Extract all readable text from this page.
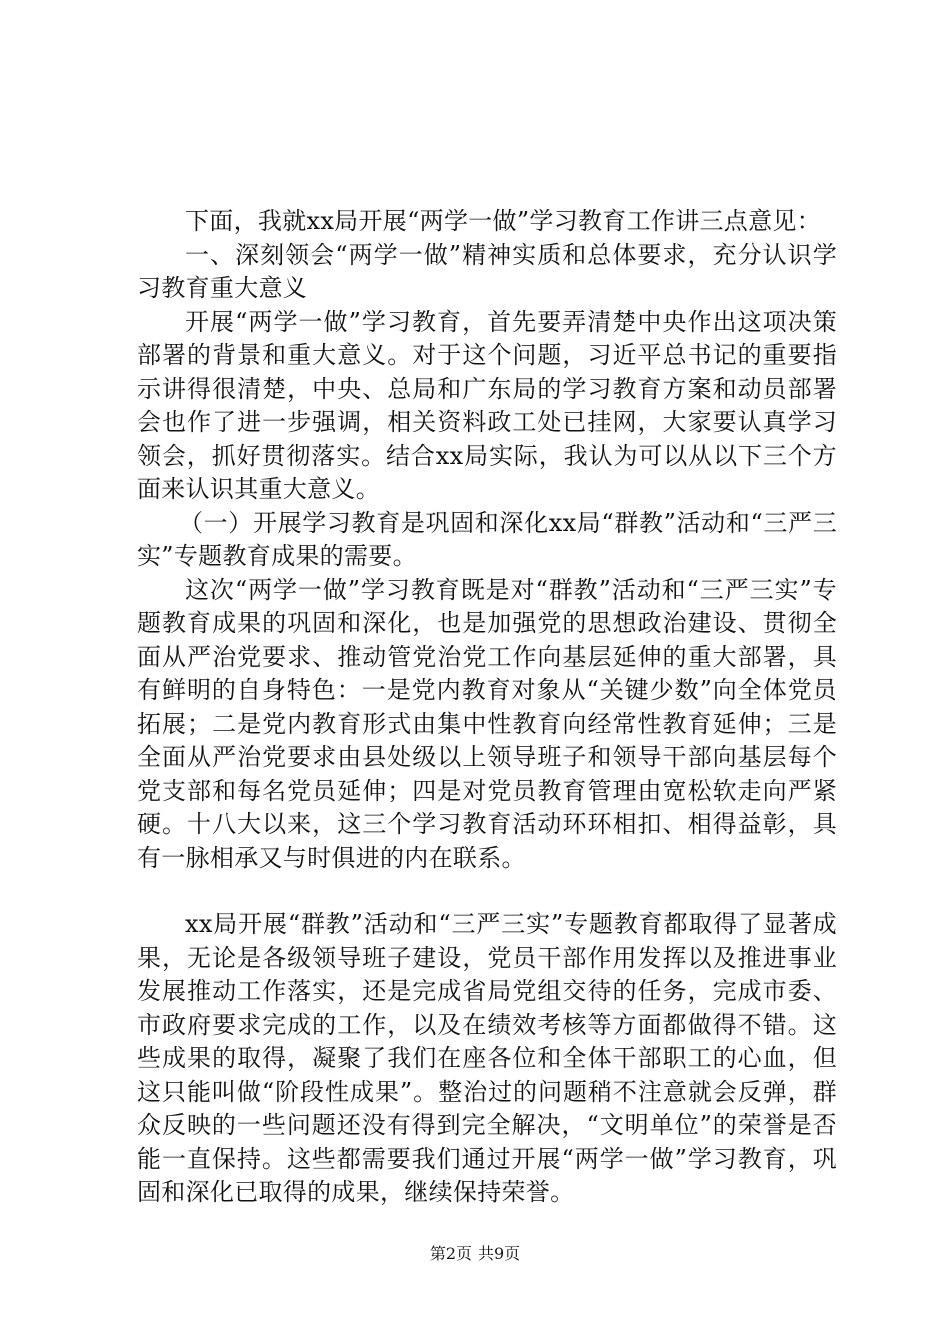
下面，我就xx局开展“两学一做”学习教育工作讲三点意见：

一、深刻领会“两学一做”精神实质和总体要求，充分认识学习教育重大意义

开展“两学一做”学习教育，首先要弄清楚中央作出这项决策部署的背景和重大意义。对于这个问题，习近平总书记的重要指示讲得很清楚，中央、总局和广东局的学习教育方案和动员部署会也作了进一步强调，相关资料政工处已挂网，大家要认真学习领会，抓好贯彻落实。结合xx局实际，我认为可以从以下三个方面来认识其重大意义。

（一）开展学习教育是巩固和深化xx局“群教”活动和“三严三实”专题教育成果的需要。

这次“两学一做”学习教育既是对“群教”活动和“三严三实”专题教育成果的巩固和深化，也是加强党的思想政治建设、贯彻全面从严治党要求、推动管党治党工作向基层延伸的重大部署，具有鲜明的自身特色：一是党内教育对象从“关键少数”向全体党员拓展；二是党内教育形式由集中性教育向经常性教育延伸；三是全面从严治党要求由县处级以上领导班子和领导干部向基层每个党支部和每名党员延伸；四是对党员教育管理由宽松软走向严紧硬。十八大以来，这三个学习教育活动环环相扣、相得益彰，具有一脉相承又与时俱进的内在联系。

xx局开展“群教”活动和“三严三实”专题教育都取得了显著成果，无论是各级领导班子建设，党员干部作用发挥以及推进事业发展推动工作落实，还是完成省局党组交待的任务，完成市委、市政府要求完成的工作，以及在绩效考核等方面都做得不错。这些成果的取得，凝聚了我们在座各位和全体干部职工的心血，但这只能叫做“阶段性成果”。整治过的问题稍不注意就会反弹，群众反映的一些问题还没有得到完全解决，“文明单位”的荣誉是否能一直保持。这些都需要我们通过开展“两学一做”学习教育，巩固和深化已取得的成果，继续保持荣誉。

第2页 共9页
